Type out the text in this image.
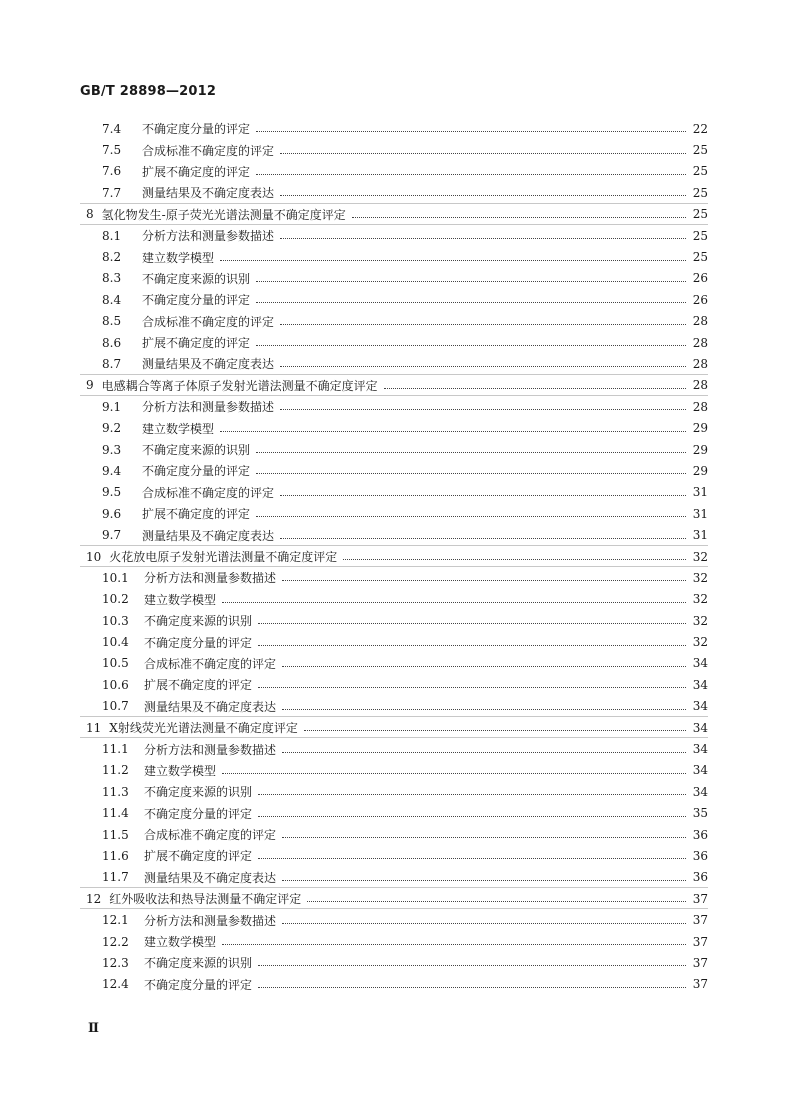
GB/T 28898—2012
7.4	不确定度分量的评定	22
7.5	合成标准不确定度的评定	25
7.6	扩展不确定度的评定	25
7.7	测量结果及不确定度表达	25
8 氢化物发生-原子荧光光谱法测量不确定度评定	25
8.1	分析方法和测量参数描述	25
8.2	建立数学模型	25
8.3	不确定度来源的识别	26
8.4	不确定度分量的评定	26
8.5	合成标准不确定度的评定	28
8.6	扩展不确定度的评定	28
8.7	测量结果及不确定度表达	28
9 电感耦合等离子体原子发射光谱法测量不确定度评定	28
9.1	分析方法和测量参数描述	28
9.2	建立数学模型	29
9.3	不确定度来源的识别	29
9.4	不确定度分量的评定	29
9.5	合成标准不确定度的评定	31
9.6	扩展不确定度的评定	31
9.7	测量结果及不确定度表达	31
10 火花放电原子发射光谱法测量不确定度评定	32
10.1	分析方法和测量参数描述	32
10.2	建立数学模型	32
10.3	不确定度来源的识别	32
10.4	不确定度分量的评定	32
10.5	合成标准不确定度的评定	34
10.6	扩展不确定度的评定	34
10.7	测量结果及不确定度表达	34
11 X射线荧光光谱法测量不确定度评定	34
11.1	分析方法和测量参数描述	34
11.2	建立数学模型	34
11.3	不确定度来源的识别	34
11.4	不确定度分量的评定	35
11.5	合成标准不确定度的评定	36
11.6	扩展不确定度的评定	36
11.7	测量结果及不确定度表达	36
12 红外吸收法和热导法测量不确定评定	37
12.1	分析方法和测量参数描述	37
12.2	建立数学模型	37
12.3	不确定度来源的识别	37
12.4	不确定度分量的评定	37
Ⅱ
